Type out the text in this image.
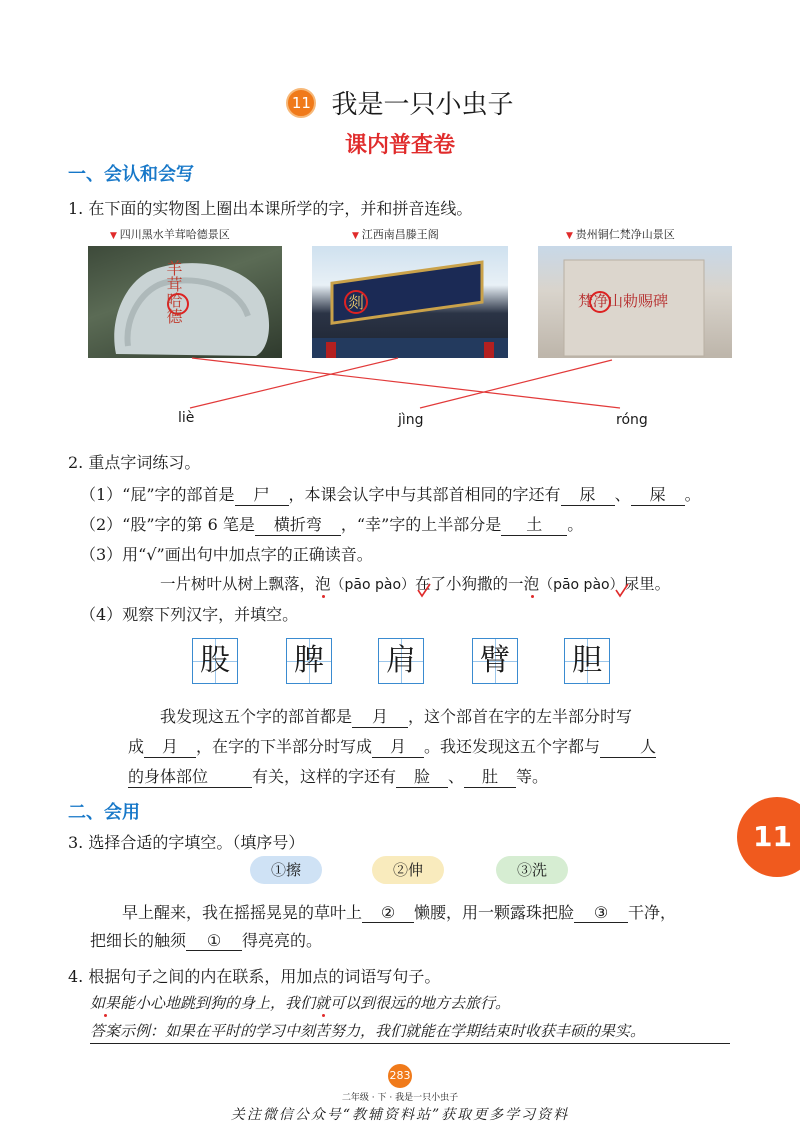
11 我是一只小虫子
课内普查卷
一、会认和会写
1. 在下面的实物图上圈出本课所学的字，并和拼音连线。
▼ 四川黑水羊茸哈德景区	▼ 江西南昌滕王阁	▼ 贵州铜仁梵净山景区
羊茸哈德	剡	梵净山勅赐碑
liè	jìng	róng
2. 重点字词练习。
（1）“屁”字的部首是 尸 ，本课会认字中与其部首相同的字还有 尿 、 屎 。
（2）“股”字的第 6 笔是 横折弯 ，“幸”字的上半部分是 土 。
（3）用“√”画出句中加点字的正确读音。
一片树叶从树上飘落，泡（pāo pào）在了小狗撒的一泡（pāo pào）尿里。
（4）观察下列汉字，并填空。
股 脾 肩 臂 胆
我发现这五个字的部首都是 月 ，这个部首在字的左半部分时写
成 月 ，在字的下半部分时写成 月 。我还发现这五个字都与 人
的身体部位	有关，这样的字还有 脸 、 肚 等。
二、会用
3. 选择合适的字填空。（填序号）
①擦	②伸	③洗
早上醒来，我在摇摇晃晃的草叶上 ② 懒腰，用一颗露珠把脸 ③ 干净，
把细长的触须 ① 得亮亮的。
4. 根据句子之间的内在联系，用加点的词语写句子。
如果能小心地跳到狗的身上，我们就可以到很远的地方去旅行。
答案示例：如果在平时的学习中刻苦努力，我们就能在学期结束时收获丰硕的果实。
11
283
二年级 · 下 · 我是一只小虫子
关注微信公众号“教辅资料站”获取更多学习资料
